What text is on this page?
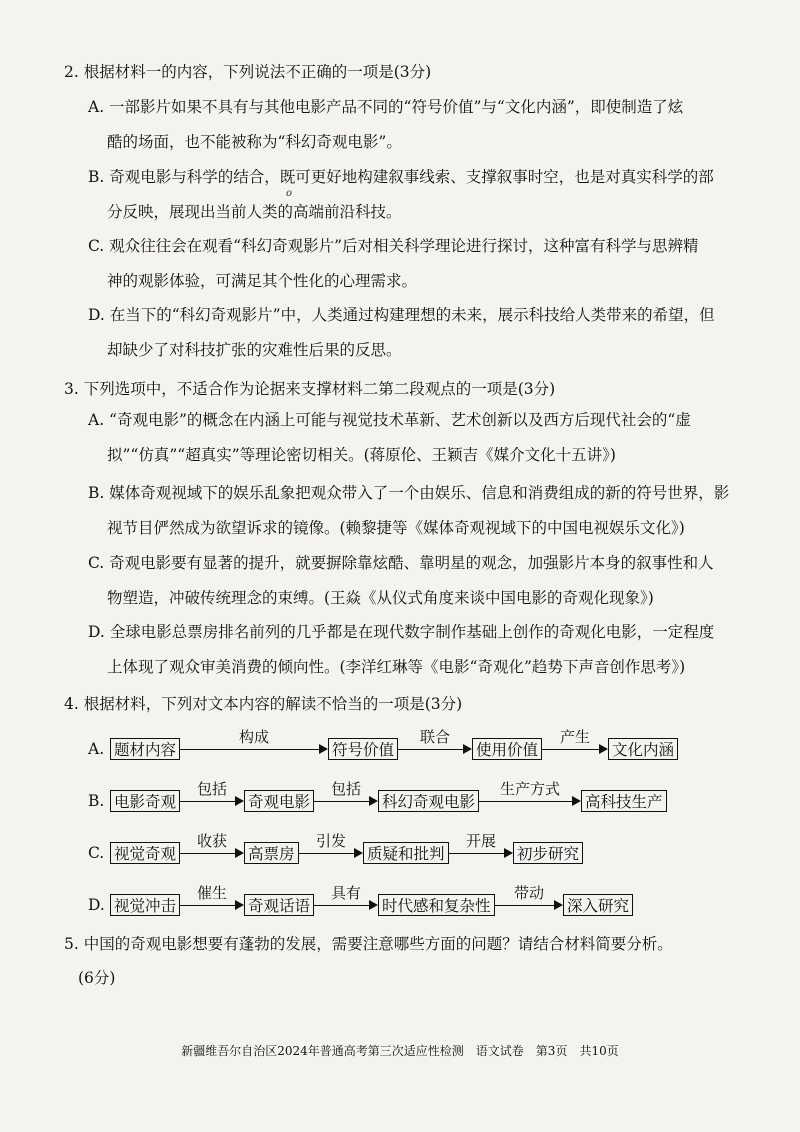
2. 根据材料一的内容，下列说法不正确的一项是(3分)
A. 一部影片如果不具有与其他电影产品不同的“符号价值”与“文化内涵”，即使制造了炫
酷的场面，也不能被称为“科幻奇观电影”。
B. 奇观电影与科学的结合，既可更好地构建叙事线索、支撑叙事时空，也是对真实科学的部
分反映，展现出当前人类的高端前沿科技。
o
C. 观众往往会在观看“科幻奇观影片”后对相关科学理论进行探讨，这种富有科学与思辨精
神的观影体验，可满足其个性化的心理需求。
D. 在当下的“科幻奇观影片”中，人类通过构建理想的未来，展示科技给人类带来的希望，但
却缺少了对科技扩张的灾难性后果的反思。
3. 下列选项中，不适合作为论据来支撑材料二第二段观点的一项是(3分)
A. “奇观电影”的概念在内涵上可能与视觉技术革新、艺术创新以及西方后现代社会的“虚
拟”“仿真”“超真实”等理论密切相关。(蒋原伦、王颖吉《媒介文化十五讲》)
B. 媒体奇观视域下的娱乐乱象把观众带入了一个由娱乐、信息和消费组成的新的符号世界，影
视节目俨然成为欲望诉求的镜像。(赖黎捷等《媒体奇观视域下的中国电视娱乐文化》)
C. 奇观电影要有显著的提升，就要摒除靠炫酷、靠明星的观念，加强影片本身的叙事性和人
物塑造，冲破传统理念的束缚。(王焱《从仪式角度来谈中国电影的奇观化现象》)
D. 全球电影总票房排名前列的几乎都是在现代数字制作基础上创作的奇观化电影，一定程度
上体现了观众审美消费的倾向性。(李洋红琳等《电影“奇观化”趋势下声音创作思考》)
4. 根据材料，下列对文本内容的解读不恰当的一项是(3分)
A. 题材内容
构成
符号价值
联合
使用价值
产生
文化内涵
B. 电影奇观
包括
奇观电影
包括
科幻奇观电影
生产方式
高科技生产
C. 视觉奇观
收获
高票房
引发
质疑和批判
开展
初步研究
D. 视觉冲击
催生
奇观话语
具有
时代感和复杂性
带动
深入研究
5. 中国的奇观电影想要有蓬勃的发展，需要注意哪些方面的问题？请结合材料简要分析。
(6分)
新疆维吾尔自治区2024年普通高考第三次适应性检测　语文试卷　第3页　共10页
